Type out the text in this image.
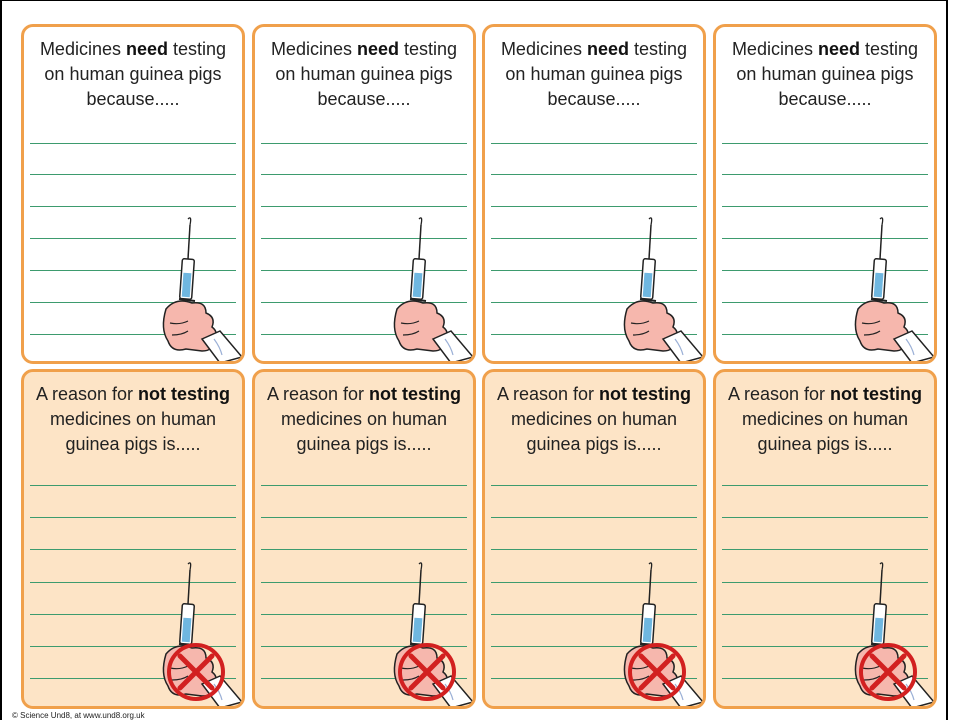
Medicines need testing
on human guinea pigs
because.....
Medicines need testing
on human guinea pigs
because.....
Medicines need testing
on human guinea pigs
because.....
Medicines need testing
on human guinea pigs
because.....
A reason for not testing
medicines on human
guinea pigs is.....
A reason for not testing
medicines on human
guinea pigs is.....
A reason for not testing
medicines on human
guinea pigs is.....
A reason for not testing
medicines on human
guinea pigs is.....
© Science Und8, at www.und8.org.uk
